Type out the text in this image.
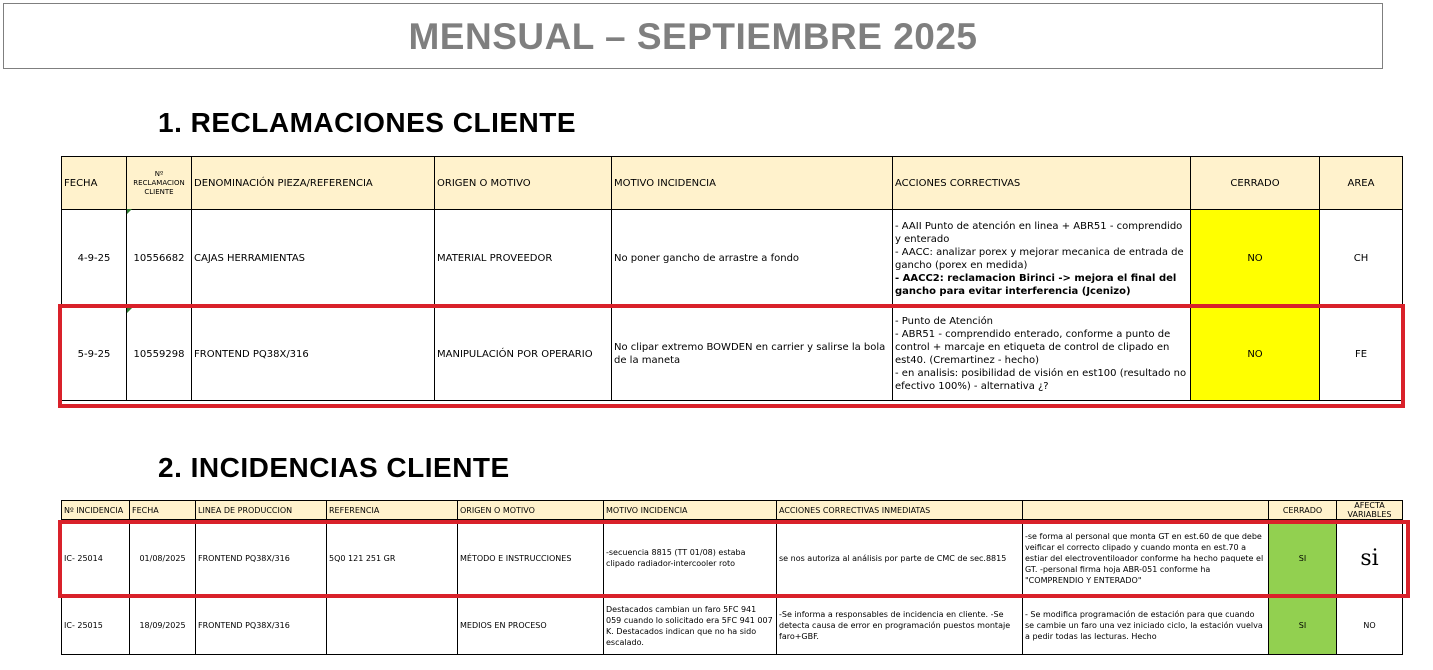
MENSUAL – SEPTIEMBRE 2025
1. RECLAMACIONES CLIENTE
FECHA	Nº RECLAMACION CLIENTE	DENOMINACIÓN PIEZA/REFERENCIA	ORIGEN O MOTIVO	MOTIVO INCIDENCIA	ACCIONES CORRECTIVAS	CERRADO	AREA
4-9-25	10556682	CAJAS HERRAMIENTAS	MATERIAL PROVEEDOR	No poner gancho de arrastre a fondo	- AAII Punto de atención en linea + ABR51 - comprendido y enterado
- AACC: analizar porex y mejorar mecanica de entrada de gancho (porex en medida)
- AACC2: reclamacion Birinci -> mejora el final del gancho para evitar interferencia (Jcenizo)	NO	CH
5-9-25	10559298	FRONTEND PQ38X/316	MANIPULACIÓN POR OPERARIO	No clipar extremo BOWDEN en carrier y salirse la bola de la maneta	- Punto de Atención
- ABR51 - comprendido enterado, conforme a punto de control + marcaje en etiqueta de control de clipado en est40. (Cremartinez - hecho)
- en analisis: posibilidad de visión en est100 (resultado no efectivo 100%) - alternativa ¿?	NO	FE
2. INCIDENCIAS CLIENTE
Nº INCIDENCIA	FECHA	LINEA DE PRODUCCION	REFERENCIA	ORIGEN O MOTIVO	MOTIVO INCIDENCIA	ACCIONES CORRECTIVAS INMEDIATAS		CERRADO	AFECTA VARIABLES
IC- 25014	01/08/2025	FRONTEND PQ38X/316	5Q0 121 251 GR	MÉTODO E INSTRUCCIONES	-secuencia 8815 (TT 01/08) estaba clipado radiador-intercooler roto	se nos autoriza al análisis por parte de CMC de sec.8815	-se forma al personal que monta GT en est.60 de que debe veificar el correcto clipado y cuando monta en est.70 a estiar del electroventiloador conforme ha hecho paquete el GT. -personal firma hoja ABR-051 conforme ha "COMPRENDIO Y ENTERADO"	SI	si
IC- 25015	18/09/2025	FRONTEND PQ38X/316		MEDIOS EN PROCESO	Destacados cambian un faro 5FC 941 059 cuando lo solicitado era 5FC 941 007 K. Destacados indican que no ha sido escalado.	-Se informa a responsables de incidencia en cliente. -Se detecta causa de error en programación puestos montaje faro+GBF.	- Se modifica programación de estación para que cuando se cambie un faro una vez iniciado ciclo, la estación vuelva a pedir todas las lecturas. Hecho	SI	NO
